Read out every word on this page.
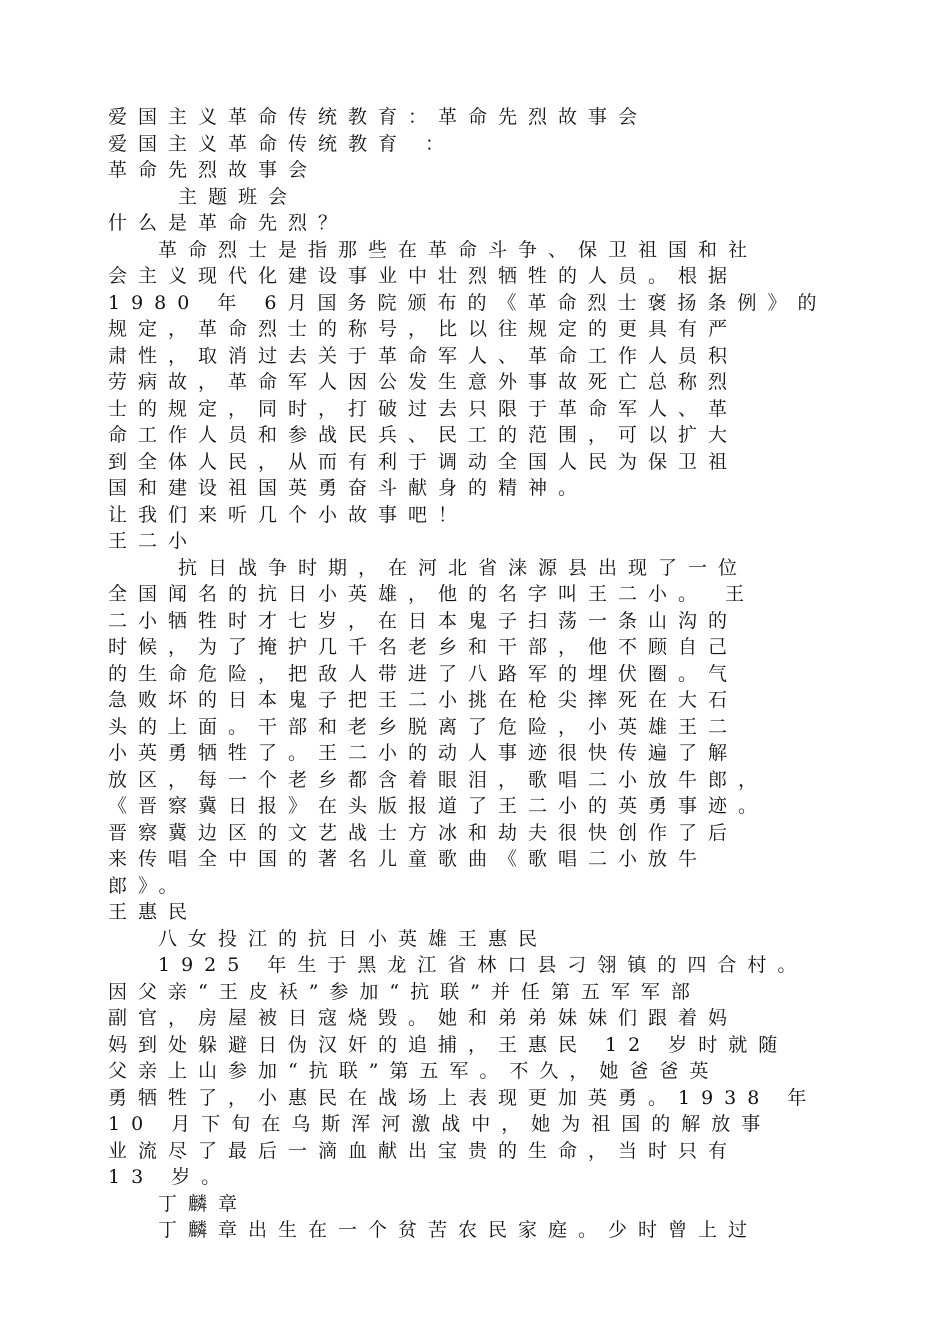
爱国主义革命传统教育：革命先烈故事会
爱国主义革命传统教育 ：
革命先烈故事会
主题班会
什么是革命先烈？
革命烈士是指那些在革命斗争、保卫祖国和社
会主义现代化建设事业中壮烈牺牲的人员。根据
1980 年 6月国务院颁布的《革命烈士褒扬条例》的
规定，革命烈士的称号，比以往规定的更具有严
肃性，取消过去关于革命军人、革命工作人员积
劳病故，革命军人因公发生意外事故死亡总称烈
士的规定，同时，打破过去只限于革命军人、革
命工作人员和参战民兵、民工的范围，可以扩大
到全体人民，从而有利于调动全国人民为保卫祖
国和建设祖国英勇奋斗献身的精神。
让我们来听几个小故事吧！
王二小
抗日战争时期，在河北省涞源县出现了一位
全国闻名的抗日小英雄，他的名字叫王二小。 王
二小牺牲时才七岁，在日本鬼子扫荡一条山沟的
时候，为了掩护几千名老乡和干部，他不顾自己
的生命危险，把敌人带进了八路军的埋伏圈。气
急败坏的日本鬼子把王二小挑在枪尖摔死在大石
头的上面。干部和老乡脱离了危险，小英雄王二
小英勇牺牲了。王二小的动人事迹很快传遍了解
放区，每一个老乡都含着眼泪，歌唱二小放牛郎，
《晋察冀日报》在头版报道了王二小的英勇事迹。
晋察冀边区的文艺战士方冰和劫夫很快创作了后
来传唱全中国的著名儿童歌曲《歌唱二小放牛
郎》。
王惠民
八女投江的抗日小英雄王惠民
1925 年生于黑龙江省林口县刁翎镇的四合村。
因父亲“王皮袄”参加“抗联”并任第五军军部
副官，房屋被日寇烧毁。她和弟弟妹妹们跟着妈
妈到处躲避日伪汉奸的追捕，王惠民 12 岁时就随
父亲上山参加“抗联”第五军。不久，她爸爸英
勇牺牲了，小惠民在战场上表现更加英勇。1938 年
10 月下旬在乌斯浑河激战中，她为祖国的解放事
业流尽了最后一滴血献出宝贵的生命，当时只有
13 岁。
丁麟章
丁麟章出生在一个贫苦农民家庭。少时曾上过
